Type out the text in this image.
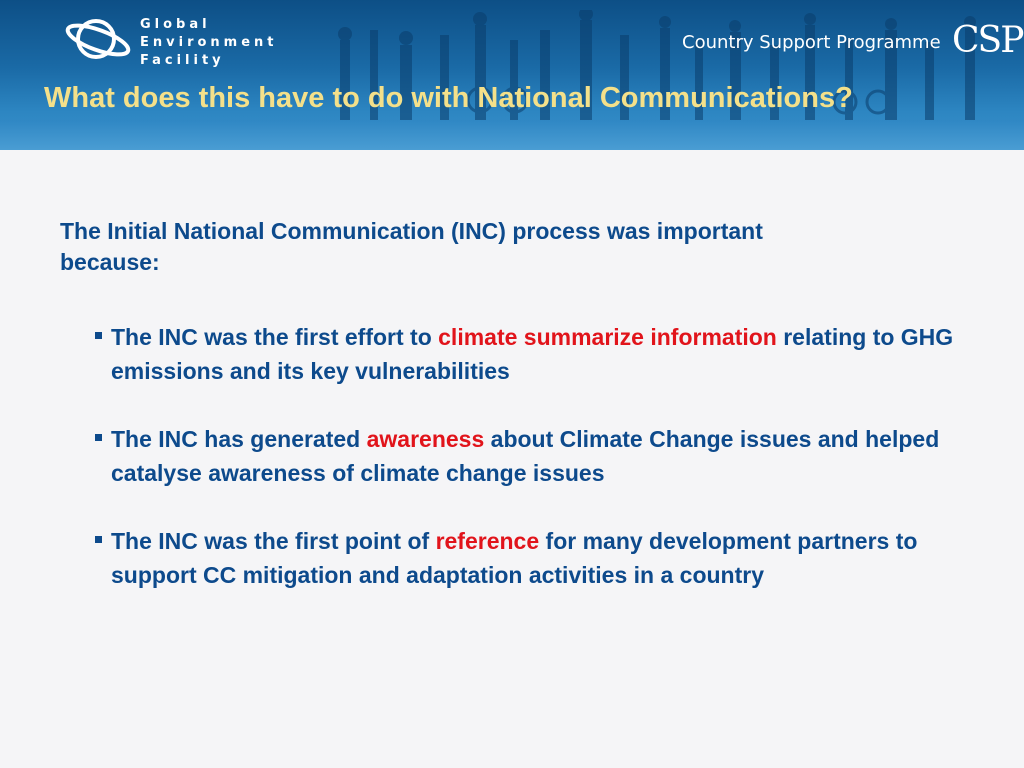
Global
Environment
Facility
Country Support Programme CSP
What does this have to do with National Communications?
The Initial National Communication (INC) process was important because:
The INC was the first effort to climate summarize information relating to GHG emissions and its key vulnerabilities
The INC has generated awareness about Climate Change issues and helped catalyse awareness of climate change issues
The INC was the first point of reference for many development partners to support CC mitigation and adaptation activities in a country
